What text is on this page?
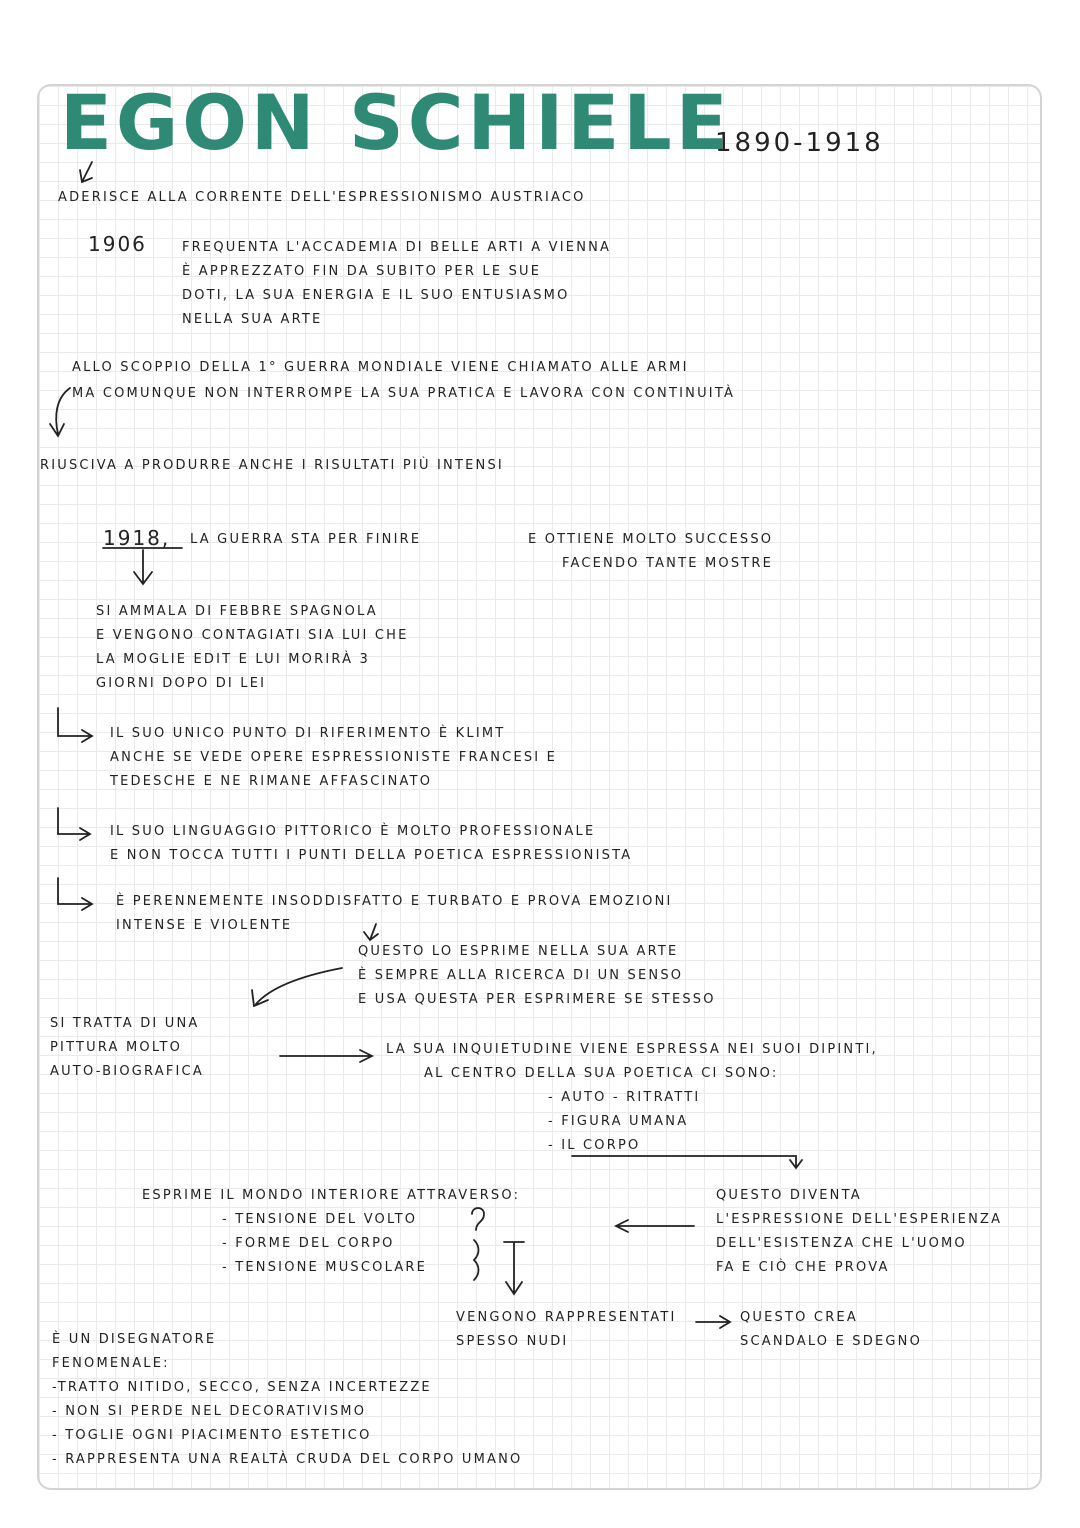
EGON SCHIELE
1890-1918
ADERISCE ALLA CORRENTE DELL'ESPRESSIONISMO AUSTRIACO
1906	FREQUENTA L'ACCADEMIA DI BELLE ARTI A VIENNA
È APPREZZATO FIN DA SUBITO PER LE SUE
DOTI, LA SUA ENERGIA E IL SUO ENTUSIASMO
NELLA SUA ARTE
ALLO SCOPPIO DELLA 1° GUERRA MONDIALE VIENE CHIAMATO ALLE ARMI
MA COMUNQUE NON INTERROMPE LA SUA PRATICA E LAVORA CON CONTINUITÀ
RIUSCIVA A PRODURRE ANCHE I RISULTATI PIÙ INTENSI
1918, LA GUERRA STA PER FINIRE	E OTTIENE MOLTO SUCCESSO
FACENDO TANTE MOSTRE
SI AMMALA DI FEBBRE SPAGNOLA
E VENGONO CONTAGIATI SIA LUI CHE
LA MOGLIE EDIT E LUI MORIRÀ 3
GIORNI DOPO DI LEI
IL SUO UNICO PUNTO DI RIFERIMENTO È KLIMT
ANCHE SE VEDE OPERE ESPRESSIONISTE FRANCESI E
TEDESCHE E NE RIMANE AFFASCINATO
IL SUO LINGUAGGIO PITTORICO È MOLTO PROFESSIONALE
E NON TOCCA TUTTI I PUNTI DELLA POETICA ESPRESSIONISTA
È PERENNEMENTE INSODDISFATTO E TURBATO E PROVA EMOZIONI
INTENSE E VIOLENTE
QUESTO LO ESPRIME NELLA SUA ARTE
È SEMPRE ALLA RICERCA DI UN SENSO
E USA QUESTA PER ESPRIMERE SE STESSO
SI TRATTA DI UNA
PITTURA MOLTO
AUTO-BIOGRAFICA
LA SUA INQUIETUDINE VIENE ESPRESSA NEI SUOI DIPINTI,
AL CENTRO DELLA SUA POETICA CI SONO:
- AUTO - RITRATTI
- FIGURA UMANA
- IL CORPO
ESPRIME IL MONDO INTERIORE ATTRAVERSO:
- TENSIONE DEL VOLTO
- FORME DEL CORPO
- TENSIONE MUSCOLARE
QUESTO DIVENTA
L'ESPRESSIONE DELL'ESPERIENZA
DELL'ESISTENZA CHE L'UOMO
FA E CIÒ CHE PROVA
VENGONO RAPPRESENTATI
SPESSO NUDI
QUESTO CREA
SCANDALO E SDEGNO
È UN DISEGNATORE
FENOMENALE:
-TRATTO NITIDO, SECCO, SENZA INCERTEZZE
- NON SI PERDE NEL DECORATIVISMO
- TOGLIE OGNI PIACIMENTO ESTETICO
- RAPPRESENTA UNA REALTÀ CRUDA DEL CORPO UMANO
